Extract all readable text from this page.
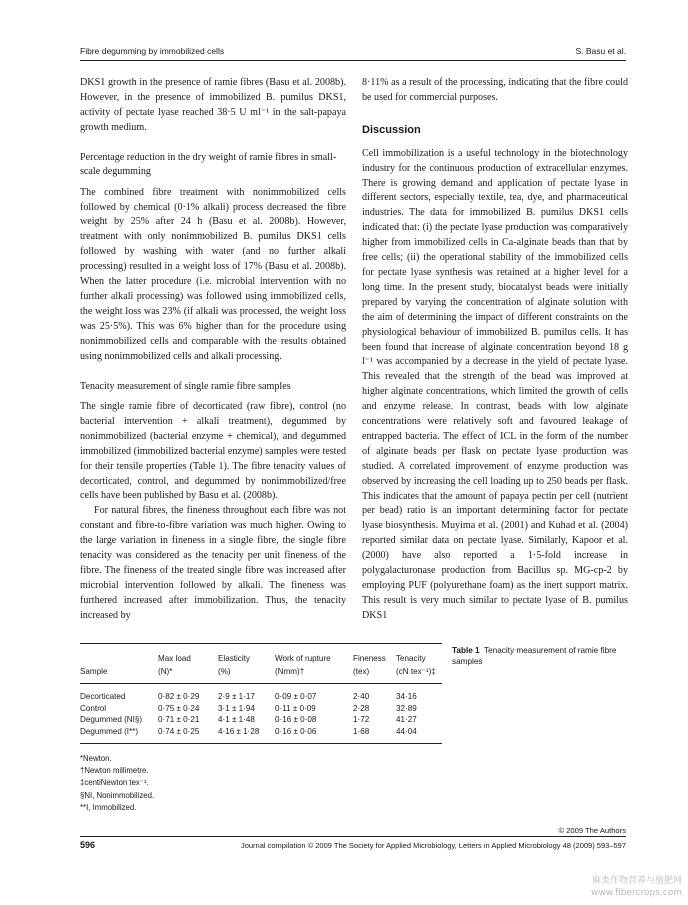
Fibre degumming by immobilized cells	S. Basu et al.

DKS1 growth in the presence of ramie fibres (Basu et al. 2008b). However, in the presence of immobilized B. pumilus DKS1, activity of pectate lyase reached 38·5 U ml⁻¹ in the salt-papaya growth medium.

Percentage reduction in the dry weight of ramie fibres in small-scale degumming

The combined fibre treatment with nonimmobilized cells followed by chemical (0·1% alkali) process decreased the fibre weight by 25% after 24 h (Basu et al. 2008b). However, treatment with only nonimmobilized B. pumilus DKS1 cells followed by washing with water (and no further alkali processing) resulted in a weight loss of 17% (Basu et al. 2008b). When the latter procedure (i.e. microbial intervention with no further alkali processing) was followed using immobilized cells, the weight loss was 23% (if alkali was processed, the weight loss was 25·5%). This was 6% higher than for the procedure using nonimmobilized cells and comparable with the results obtained using nonimmobilized cells and alkali processing.

Tenacity measurement of single ramie fibre samples

The single ramie fibre of decorticated (raw fibre), control (no bacterial intervention + alkali treatment), degummed by nonimmobilized (bacterial enzyme + chemical), and degummed immobilized (immobilized bacterial enzyme) samples were tested for their tensile properties (Table 1). The fibre tenacity values of decorticated, control, and degummed by nonimmobilized/free cells have been published by Basu et al. (2008b).

For natural fibres, the fineness throughout each fibre was not constant and fibre-to-fibre variation was much higher. Owing to the large variation in fineness in a single fibre, the single fibre tenacity was considered as the tenacity per unit fineness of the fibre. The fineness of the treated single fibre was increased after microbial intervention followed by alkali. The fineness was furthered increased after immobilization. Thus, the tenacity increased by

8·11% as a result of the processing, indicating that the fibre could be used for commercial purposes.

Discussion

Cell immobilization is a useful technology in the biotechnology industry for the continuous production of extracellular enzymes. There is growing demand and application of pectate lyase in different sectors, especially textile, tea, dye, and pharmaceutical industries. The data for immobilized B. pumilus DKS1 cells indicated that: (i) the pectate lyase production was comparatively higher from immobilized cells in Ca-alginate beads than that by free cells; (ii) the operational stability of the immobilized cells for pectate lyase synthesis was retained at a higher level for a long time. In the present study, biocatalyst beads were initially prepared by varying the concentration of alginate solution with the aim of determining the impact of different constraints on the physiological behaviour of immobilized B. pumilus cells. It has been found that increase of alginate concentration beyond 18 g l⁻¹ was accompanied by a decrease in the yield of pectate lyase. This revealed that the strength of the bead was improved at higher alginate concentrations, which limited the growth of cells and enzyme release. In contrast, beads with low alginate concentrations were relatively soft and favoured leakage of entrapped bacteria. The effect of ICL in the form of the number of alginate beads per flask on pectate lyase production was studied. A correlated improvement of enzyme production was observed by increasing the cell loading up to 250 beads per flask. This indicates that the amount of papaya pectin per cell (nutrient per bead) ratio is an important determining factor for pectate lyase biosynthesis. Muyima et al. (2001) and Kuhad et al. (2004) reported similar data on pectate lyase. Similarly, Kapoor et al. (2000) have also reported a 1·5-fold increase in polygalacturonase production from Bacillus sp. MG-cp-2 by employing PUF (polyurethane foam) as the inert support matrix. This result is very much similar to pectate lyase of B. pumilus DKS1

Max load	Elasticity	Work of rupture	Fineness	Tenacity
Sample	(N)*	(%)	(Nmm)†	(tex)	(cN tex⁻¹)‡
Decorticated	0·82 ± 0·29	2·9 ± 1·17	0·09 ± 0·07	2·40	34·16
Control	0·75 ± 0·24	3·1 ± 1·94	0·11 ± 0·09	2·28	32·89
Degummed (NI§)	0·71 ± 0·21	4·1 ± 1·48	0·16 ± 0·08	1·72	41·27
Degummed (I**)	0·74 ± 0·25	4·16 ± 1·28	0·16 ± 0·06	1·68	44·04
Table 1 Tenacity measurement of ramie fibre samples
*Newton.
†Newton millimetre.
‡centiNewton tex⁻¹.
§NI, Nonimmobilized.
**I, Immobilized.
© 2009 The Authors
596	Journal compilation © 2009 The Society for Applied Microbiology, Letters in Applied Microbiology 48 (2009) 593–597
麻类作物营养与施肥网
www.fibercrops.com
